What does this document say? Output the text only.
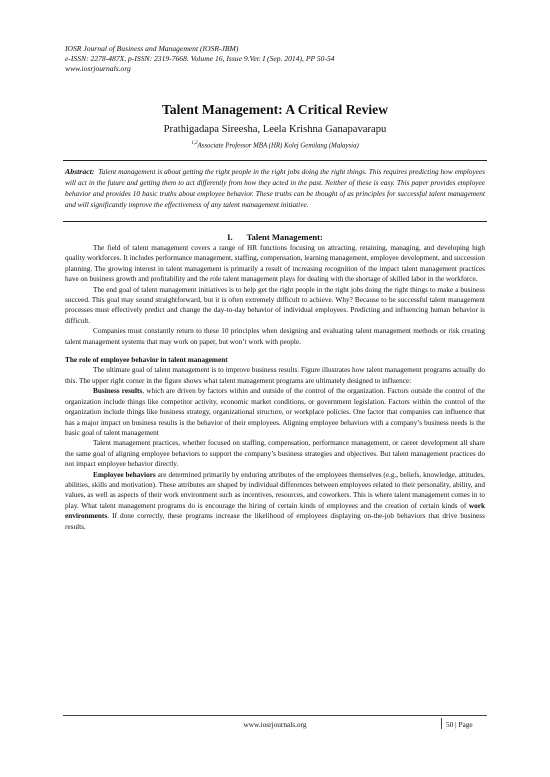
IOSR Journal of Business and Management (IOSR-JBM)
e-ISSN: 2278-487X, p-ISSN: 2319-7668. Volume 16, Issue 9.Ver. I (Sep. 2014), PP 50-54
www.iosrjournals.org
Talent Management: A Critical Review
Prathigadapa Sireesha, Leela Krishna Ganapavarapu
$^{1,2}$Associate Professor MBA (HR) Kolej Gemilang (Malaysia)
Abstract: Talent management is about getting the right people in the right jobs doing the right things. This requires predicting how employees will act in the future and getting them to act differently from how they acted in the past. Neither of these is easy. This paper provides employee behavior and provides 10 basic truths about employee behavior. These truths can be thought of as principles for successful talent management and will significantly improve the effectiveness of any talent management initiative.
I. Talent Management:

The field of talent management covers a range of HR functions focusing on attracting, retaining, managing, and developing high quality workforces. It includes performance management, staffing, compensation, learning management, employee development, and succession planning. The growing interest in talent management is primarily a result of increasing recognition of the impact talent management practices have on business growth and profitability and the role talent management plays for dealing with the shortage of skilled labor in the workforce.

The end goal of talent management initiatives is to help get the right people in the right jobs doing the right things to make a business succeed. This goal may sound straightforward, but it is often extremely difficult to achieve. Why? Because to be successful talent management processes must effectively predict and change the day-to-day behavior of individual employees. Predicting and influencing human behavior is difficult.

Companies must constantly return to these 10 principles when designing and evaluating talent management methods or risk creating talent management systems that may work on paper, but won’t work with people.

The role of employee behavior in talent management

The ultimate goal of talent management is to improve business results. Figure illustrates how talent management programs actually do this. The upper right corner in the figure shows what talent management programs are ultimately designed to influence:

Business results, which are driven by factors within and outside of the control of the organization. Factors outside the control of the organization include things like competitor activity, economic market conditions, or government legislation. Factors within the control of the organization include things like business strategy, organizational structure, or workplace policies. One factor that companies can influence that has a major impact on business results is the behavior of their employees. Aligning employee behaviors with a company’s business needs is the basic goal of talent management

Talent management practices, whether focused on staffing, compensation, performance management, or career development all share the same goal of aligning employee behaviors to support the company’s business strategies and objectives. But talent management practices do not impact employee behavior directly.

Employee behaviors are determined primarily by enduring attributes of the employees themselves (e.g., beliefs, knowledge, attitudes, abilities, skills and motivation). These attributes are shaped by individual differences between employees related to their personality, ability, and values, as well as aspects of their work environment such as incentives, resources, and coworkers. This is where talent management comes in to play. What talent management programs do is encourage the hiring of certain kinds of employees and the creation of certain kinds of work environments. If done correctly, these programs increase the likelihood of employees displaying on-the-job behaviors that drive business results.

www.iosrjournals.org	50 | Page
